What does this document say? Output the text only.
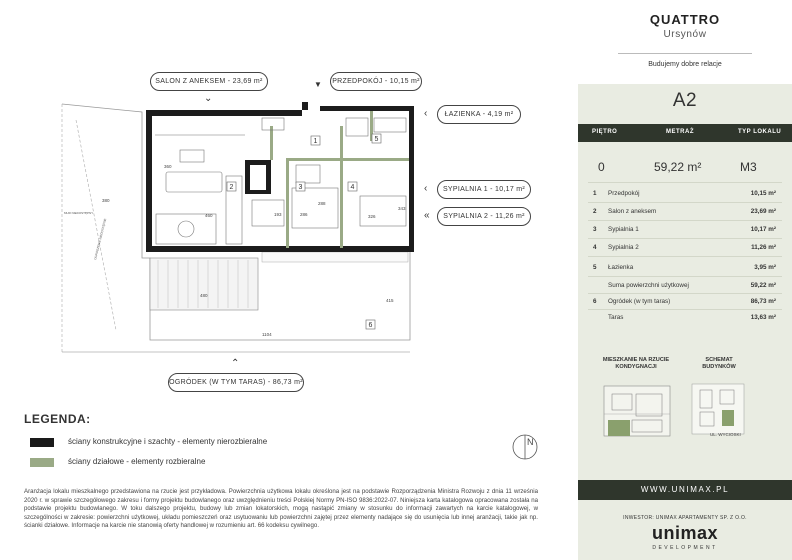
SALON Z ANEKSEM - 23,69 m²
⌄
PRZEDPOKÓJ - 10,15 m²
▼
ŁAZIENKA - 4,19 m²
‹
SYPIALNIA 1 - 10,17 m²
‹
SYPIALNIA 2 - 11,26 m²
«
OGRÓDEK (W TYM TARAS) - 86,73 m²
⌃
2	3	4
1	5
6
380
360
460
480
1104
326
343
288
193	286
415
MUR NIEDOSTĘPNY
OGRODZENIE NIEDOSTĘPNE
LEGENDA:
ściany konstrukcyjne i szachty - elementy nierozbieralne
ściany działowe - elementy rozbieralne
N
Aranżacja lokalu mieszkalnego przedstawiona na rzucie jest przykładowa. Powierzchnia użytkowa lokalu określona jest na podstawie Rozporządzenia Ministra Rozwoju z dnia 11 września 2020 r. w sprawie szczegółowego zakresu i formy projektu budowlanego oraz uwzględnieniu treści Polskiej Normy PN-ISO 9836:2022-07. Niniejsza karta katalogowa opracowana została na podstawie projektu budowlanego. W toku dalszego projektu, budowy lub zmian lokatorskich, mogą nastąpić zmiany w stosunku do informacji zawartych na karcie katalogowej, w szczególności w zakresie: powierzchni użytkowej, układu pomieszczeń oraz usytuowaniu lub powierzchni zajętej przez elementy nadające się do usunięcia lub innej aranżacji, takie jak np. ścianki działowe. Informacje na karcie nie stanowią oferty handlowej w rozumieniu art. 66 kodeksu cywilnego.
QUATTRO
Ursynów
Budujemy dobre relacje
A2
PIĘTRO	METRAŻ	TYP LOKALU
0	59,22 m²	M3
1 Przedpokój	10,15 m²
2 Salon z aneksem	23,69 m²
3 Sypialnia 1	10,17 m²
4 Sypialnia 2	11,26 m²
5 Łazienka	3,95 m²
Suma powierzchni użytkowej	59,22 m²
6 Ogródek (w tym taras)	86,73 m²
Taras	13,63 m²
MIESZKANIE NA RZUCIE KONDYGNACJI
SCHEMAT BUDYNKÓW
UL. WYCIOSKI
WWW.UNIMAX.PL
INWESTOR: UNIMAX APARTAMENTY SP. Z O.O.
unimax
DEVELOPMENT
